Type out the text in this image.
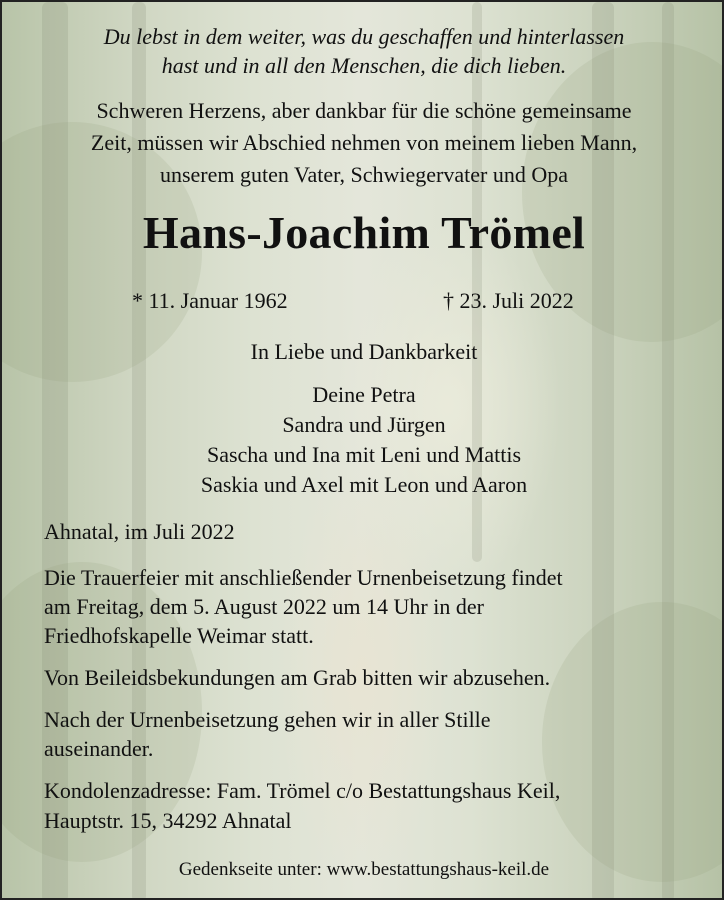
Du lebst in dem weiter, was du geschaffen und hinterlassen
hast und in all den Menschen, die dich lieben.
Schweren Herzens, aber dankbar für die schöne gemeinsame
Zeit, müssen wir Abschied nehmen von meinem lieben Mann,
unserem guten Vater, Schwiegervater und Opa
Hans-Joachim Trömel
* 11. Januar 1962	† 23. Juli 2022
In Liebe und Dankbarkeit
Deine Petra
Sandra und Jürgen
Sascha und Ina mit Leni und Mattis
Saskia und Axel mit Leon und Aaron
Ahnatal, im Juli 2022
Die Trauerfeier mit anschließender Urnenbeisetzung findet
am Freitag, dem 5. August 2022 um 14 Uhr in der
Friedhofskapelle Weimar statt.
Von Beileidsbekundungen am Grab bitten wir abzusehen.
Nach der Urnenbeisetzung gehen wir in aller Stille
auseinander.
Kondolenzadresse: Fam. Trömel c/o Bestattungshaus Keil,
Hauptstr. 15, 34292 Ahnatal
Gedenkseite unter: www.bestattungshaus-keil.de
